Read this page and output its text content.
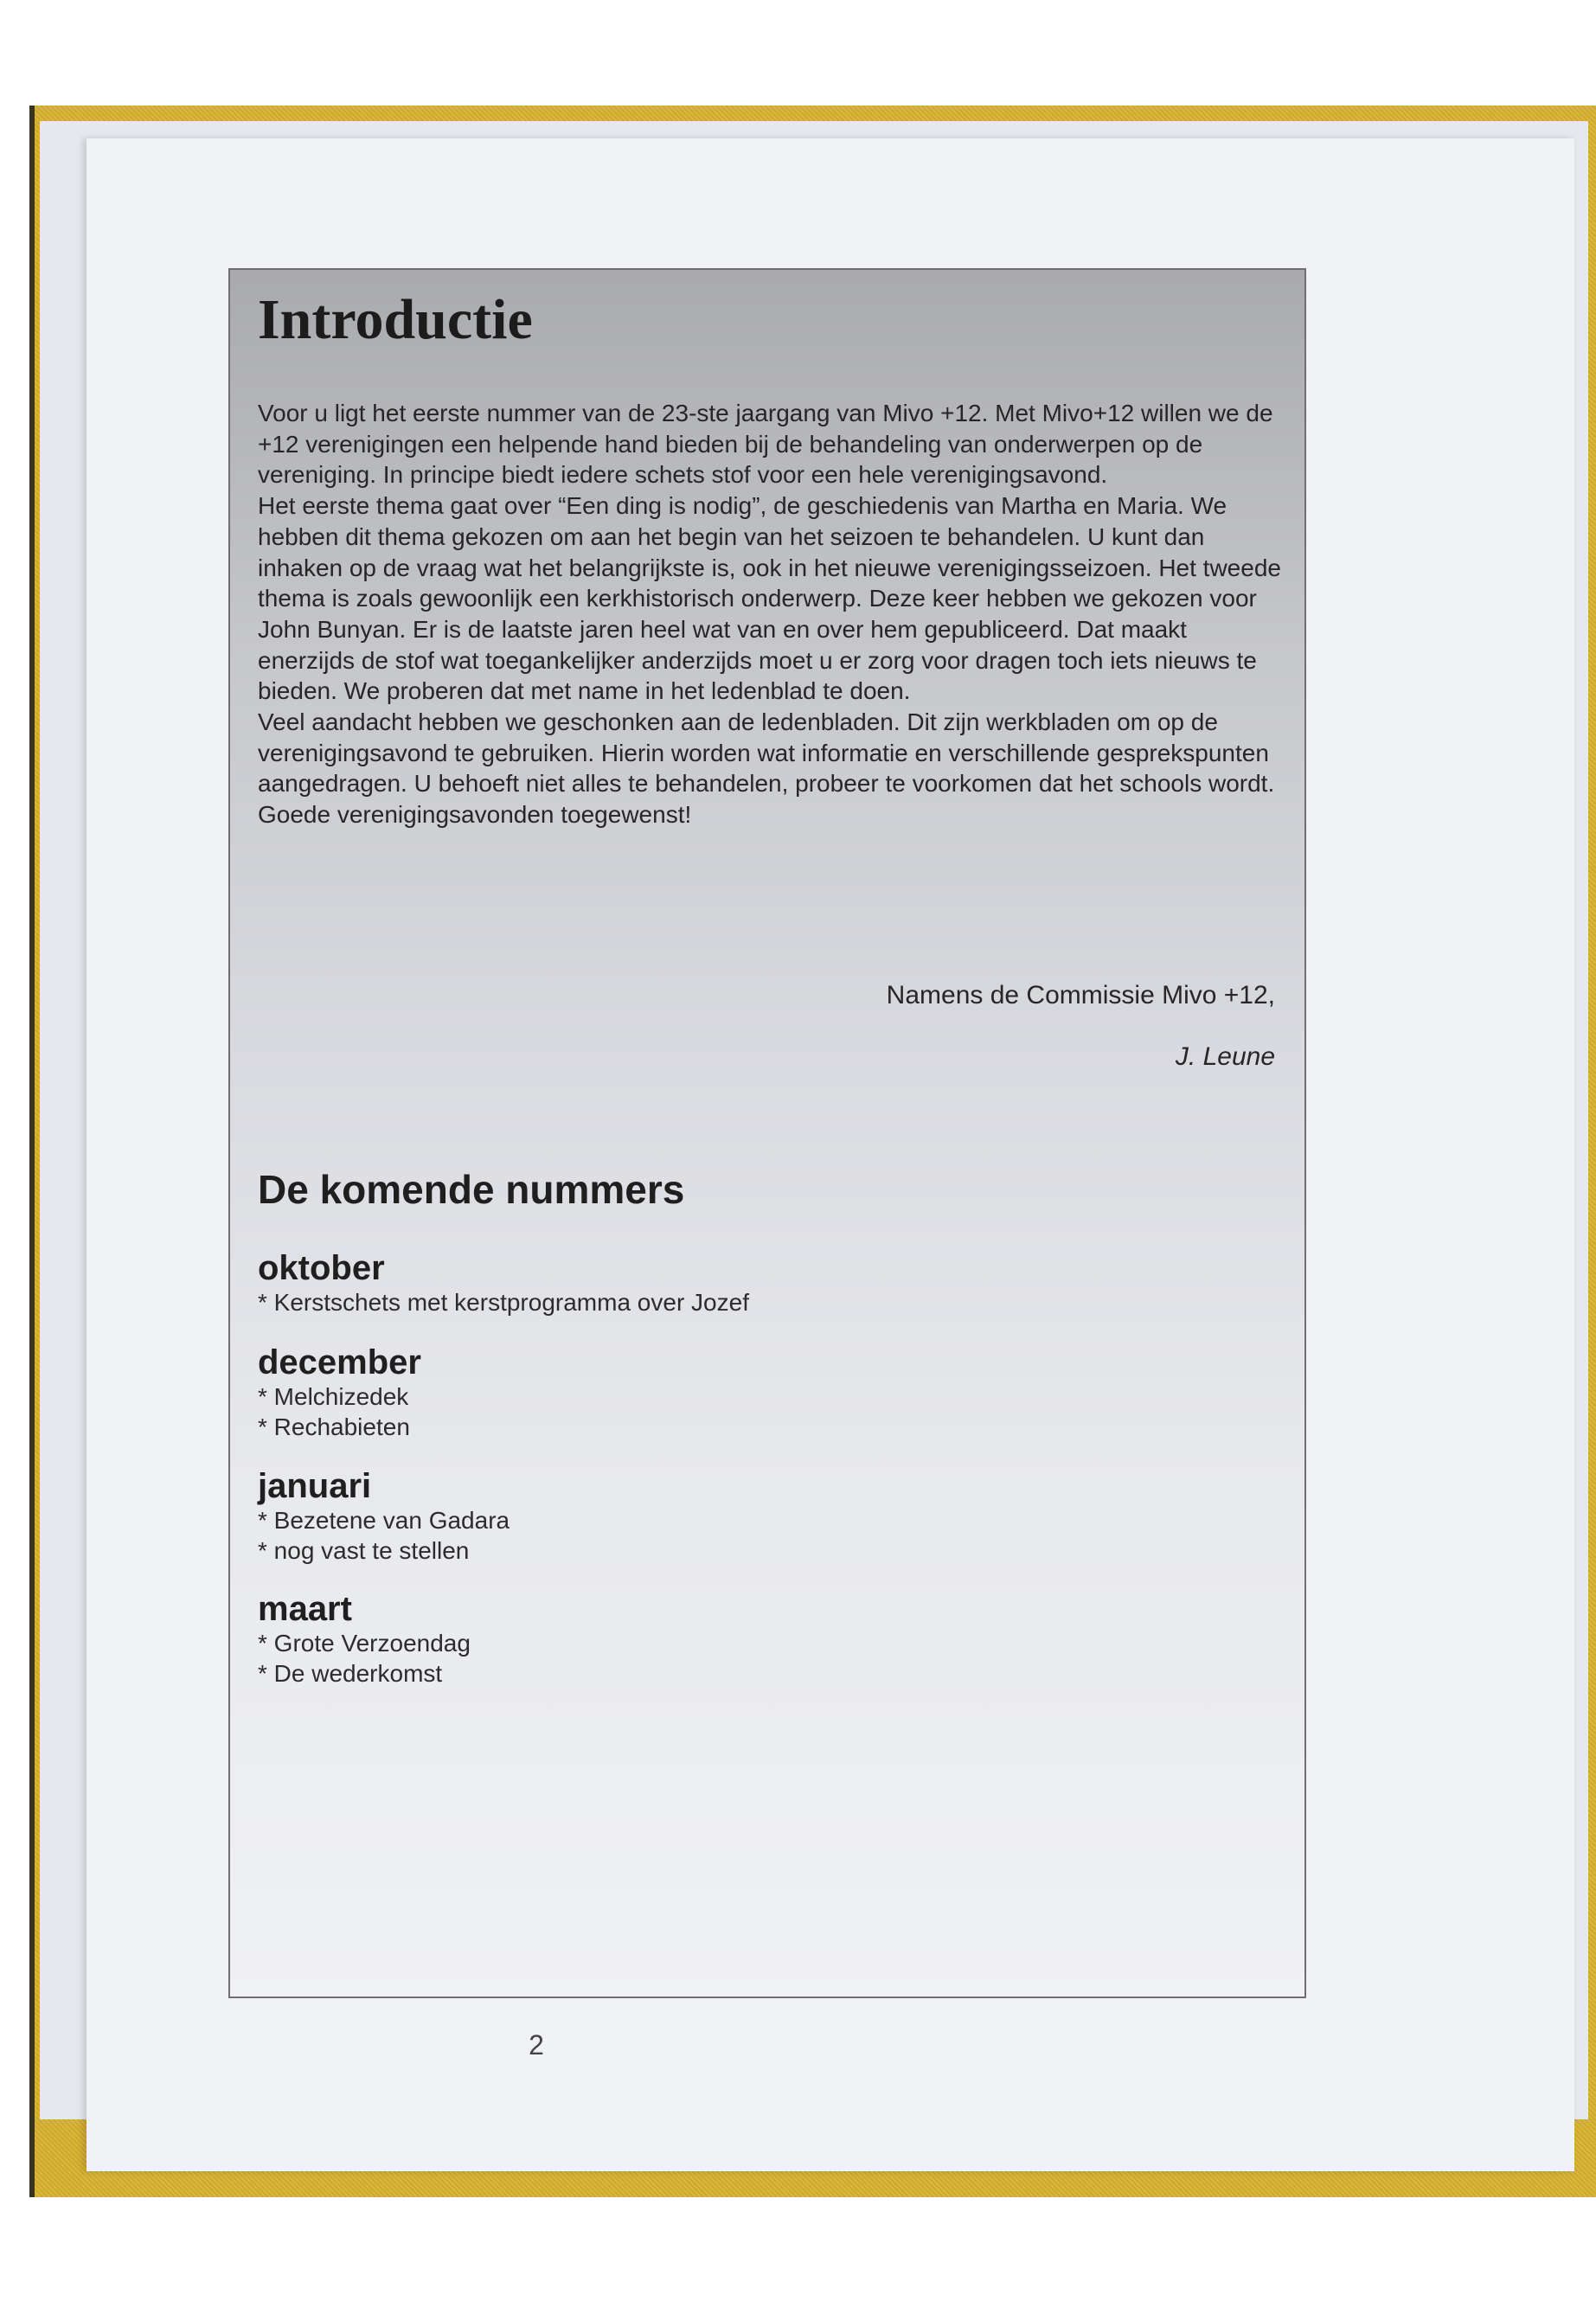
Introductie

Voor u ligt het eerste nummer van de 23-ste jaargang van Mivo +12. Met Mivo+12 willen we de +12 verenigingen een helpende hand bieden bij de behandeling van onderwerpen op de vereniging. In principe biedt iedere schets stof voor een hele verenigingsavond.

Het eerste thema gaat over “Een ding is nodig”, de geschiedenis van Martha en Maria. We hebben dit thema gekozen om aan het begin van het seizoen te behandelen. U kunt dan inhaken op de vraag wat het belangrijkste is, ook in het nieuwe verenigingsseizoen. Het tweede thema is zoals gewoonlijk een kerkhistorisch onderwerp. Deze keer hebben we gekozen voor John Bunyan. Er is de laatste jaren heel wat van en over hem gepubliceerd. Dat maakt enerzijds de stof wat toegankelijker anderzijds moet u er zorg voor dragen toch iets nieuws te bieden. We proberen dat met name in het ledenblad te doen.

Veel aandacht hebben we geschonken aan de ledenbladen. Dit zijn werkbladen om op de verenigingsavond te gebruiken. Hierin worden wat informatie en verschillende gesprekspunten aangedragen. U behoeft niet alles te behandelen, probeer te voorkomen dat het schools wordt.

Goede verenigingsavonden toegewenst!

Namens de Commissie Mivo +12,
J. Leune
De komende nummers
oktober
* Kerstschets met kerstprogramma over Jozef
december
* Melchizedek
* Rechabieten
januari
* Bezetene van Gadara
* nog vast te stellen
maart
* Grote Verzoendag
* De wederkomst
2
